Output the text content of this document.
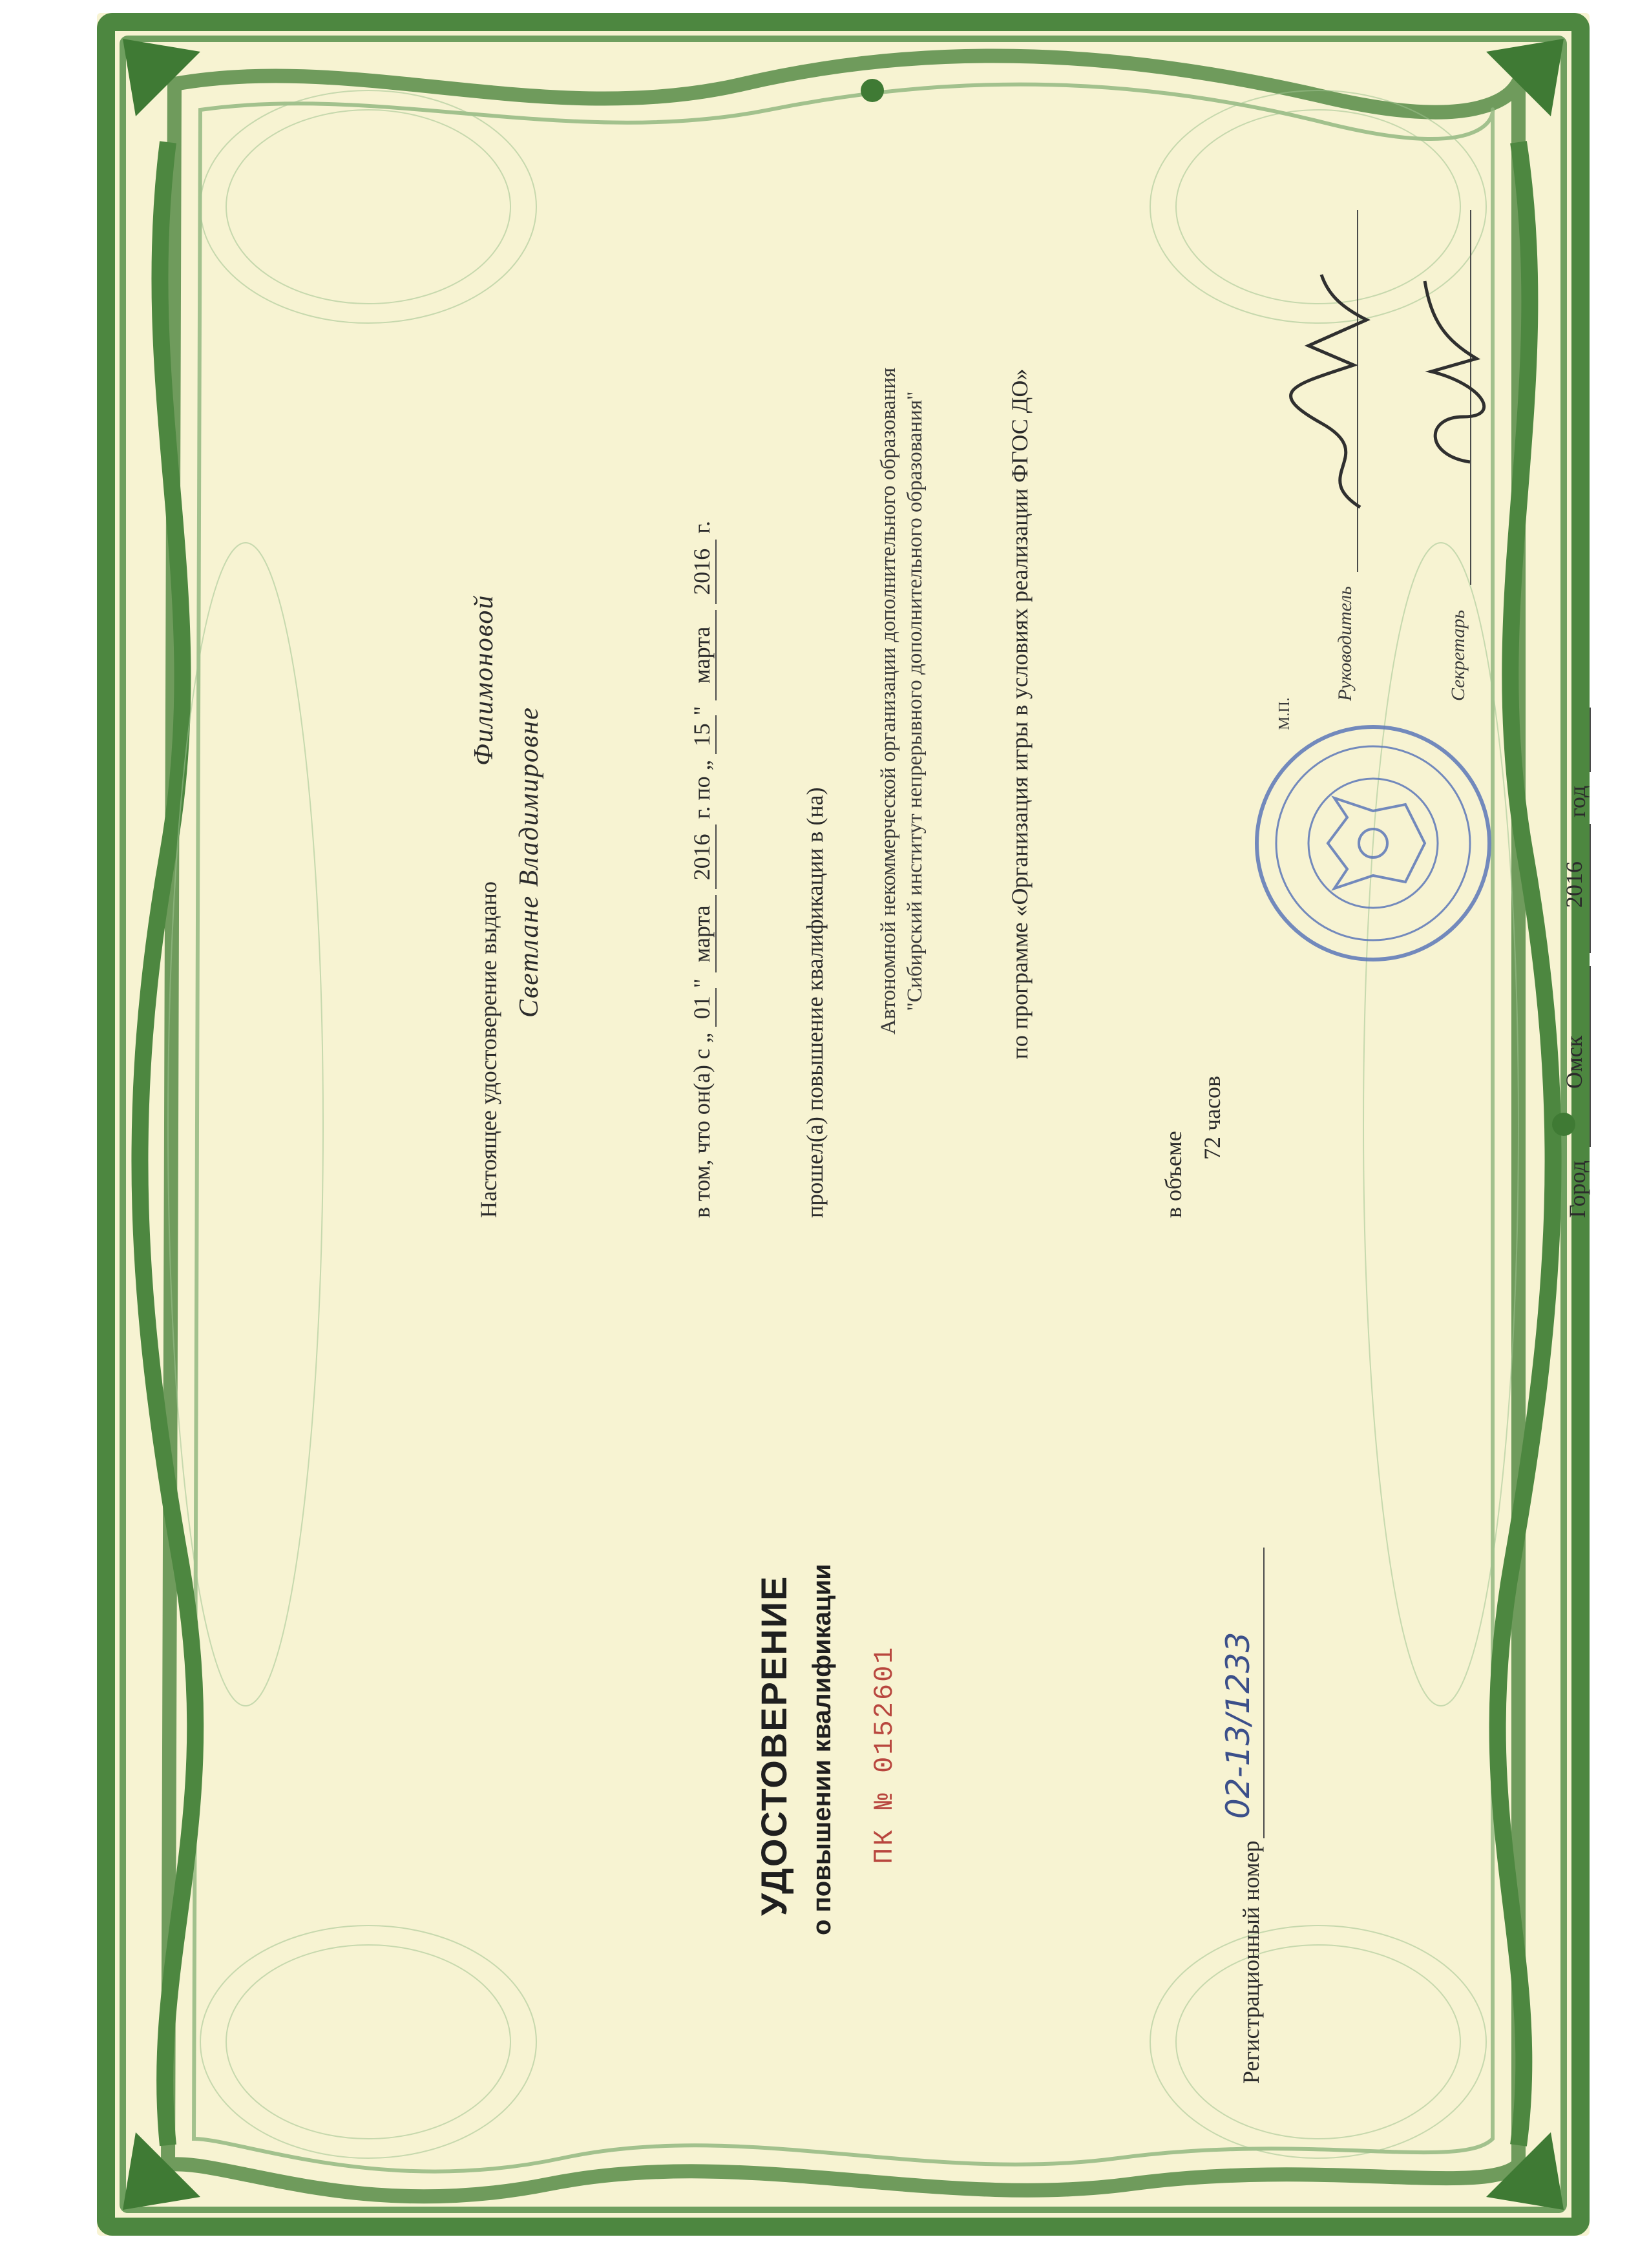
УДОСТОВЕРЕНИЕ о повышении квалификации ПК № 0152601
Регистрационный номер
02-13/1233
Настоящее удостоверение выдано
Филимоновой
Светлане Владимировне
в том, что он(а) с „ 01" марта 2016 г. по „ 15" марта 2016 г.
прошел(а) повышение квалификации в (на) Автономной некоммерческой организации дополнительного образования "Сибирский институт непрерывного дополнительного образования"	по программе «Организация игры в условиях реализации ФГОС ДО»
в объеме
72 часов
М.П.
Руководитель	Секретарь
Город
Омск
2016
год
